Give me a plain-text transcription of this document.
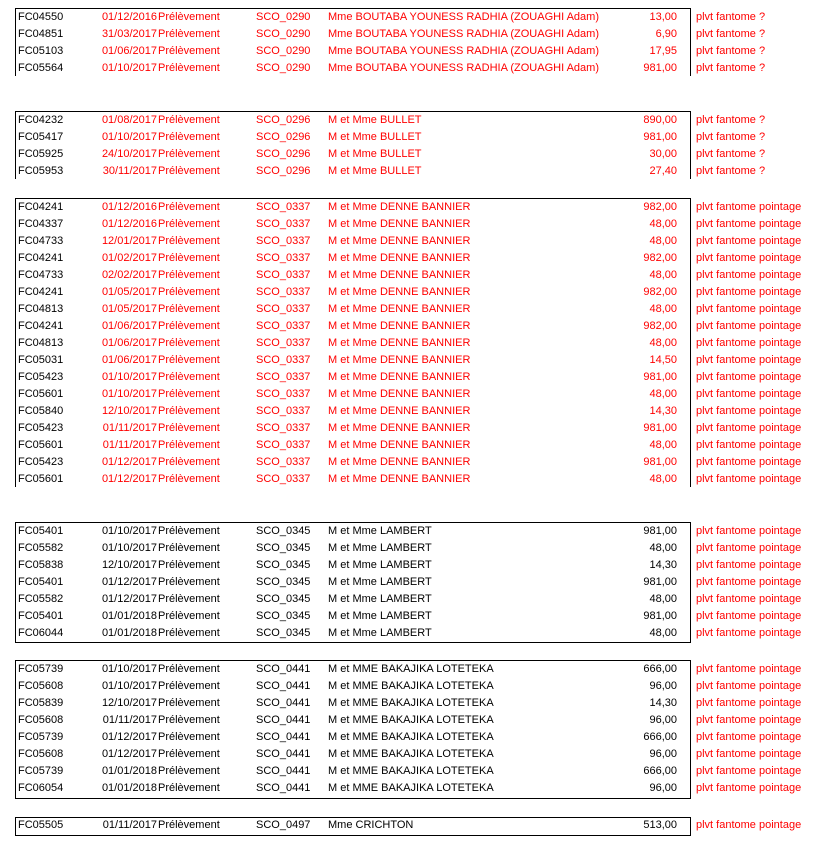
FC04550	01/12/2016 Prélèvement	SCO_0290 Mme BOUTABA YOUNESS RADHIA (ZOUAGHI Adam)	13,00 plvt fantome ?
FC04851	31/03/2017 Prélèvement	SCO_0290 Mme BOUTABA YOUNESS RADHIA (ZOUAGHI Adam)	6,90 plvt fantome ?
FC05103	01/06/2017 Prélèvement	SCO_0290 Mme BOUTABA YOUNESS RADHIA (ZOUAGHI Adam)	17,95 plvt fantome ?
FC05564	01/10/2017 Prélèvement	SCO_0290 Mme BOUTABA YOUNESS RADHIA (ZOUAGHI Adam)	981,00 plvt fantome ?
FC04232	01/08/2017 Prélèvement	SCO_0296 M et Mme BULLET	890,00 plvt fantome ?
FC05417	01/10/2017 Prélèvement	SCO_0296 M et Mme BULLET	981,00 plvt fantome ?
FC05925	24/10/2017 Prélèvement	SCO_0296 M et Mme BULLET	30,00 plvt fantome ?
FC05953	30/11/2017 Prélèvement	SCO_0296 M et Mme BULLET	27,40 plvt fantome ?
FC04241	01/12/2016 Prélèvement	SCO_0337 M et Mme DENNE BANNIER	982,00 plvt fantome pointage
FC04337	01/12/2016 Prélèvement	SCO_0337 M et Mme DENNE BANNIER	48,00 plvt fantome pointage
FC04733	12/01/2017 Prélèvement	SCO_0337 M et Mme DENNE BANNIER	48,00 plvt fantome pointage
FC04241	01/02/2017 Prélèvement	SCO_0337 M et Mme DENNE BANNIER	982,00 plvt fantome pointage
FC04733	02/02/2017 Prélèvement	SCO_0337 M et Mme DENNE BANNIER	48,00 plvt fantome pointage
FC04241	01/05/2017 Prélèvement	SCO_0337 M et Mme DENNE BANNIER	982,00 plvt fantome pointage
FC04813	01/05/2017 Prélèvement	SCO_0337 M et Mme DENNE BANNIER	48,00 plvt fantome pointage
FC04241	01/06/2017 Prélèvement	SCO_0337 M et Mme DENNE BANNIER	982,00 plvt fantome pointage
FC04813	01/06/2017 Prélèvement	SCO_0337 M et Mme DENNE BANNIER	48,00 plvt fantome pointage
FC05031	01/06/2017 Prélèvement	SCO_0337 M et Mme DENNE BANNIER	14,50 plvt fantome pointage
FC05423	01/10/2017 Prélèvement	SCO_0337 M et Mme DENNE BANNIER	981,00 plvt fantome pointage
FC05601	01/10/2017 Prélèvement	SCO_0337 M et Mme DENNE BANNIER	48,00 plvt fantome pointage
FC05840	12/10/2017 Prélèvement	SCO_0337 M et Mme DENNE BANNIER	14,30 plvt fantome pointage
FC05423	01/11/2017 Prélèvement	SCO_0337 M et Mme DENNE BANNIER	981,00 plvt fantome pointage
FC05601	01/11/2017 Prélèvement	SCO_0337 M et Mme DENNE BANNIER	48,00 plvt fantome pointage
FC05423	01/12/2017 Prélèvement	SCO_0337 M et Mme DENNE BANNIER	981,00 plvt fantome pointage
FC05601	01/12/2017 Prélèvement	SCO_0337 M et Mme DENNE BANNIER	48,00 plvt fantome pointage
FC05401	01/10/2017 Prélèvement	SCO_0345 M et Mme LAMBERT	981,00 plvt fantome pointage
FC05582	01/10/2017 Prélèvement	SCO_0345 M et Mme LAMBERT	48,00 plvt fantome pointage
FC05838	12/10/2017 Prélèvement	SCO_0345 M et Mme LAMBERT	14,30 plvt fantome pointage
FC05401	01/12/2017 Prélèvement	SCO_0345 M et Mme LAMBERT	981,00 plvt fantome pointage
FC05582	01/12/2017 Prélèvement	SCO_0345 M et Mme LAMBERT	48,00 plvt fantome pointage
FC05401	01/01/2018 Prélèvement	SCO_0345 M et Mme LAMBERT	981,00 plvt fantome pointage
FC06044	01/01/2018 Prélèvement	SCO_0345 M et Mme LAMBERT	48,00 plvt fantome pointage
FC05739	01/10/2017 Prélèvement	SCO_0441 M et MME BAKAJIKA LOTETEKA	666,00 plvt fantome pointage
FC05608	01/10/2017 Prélèvement	SCO_0441 M et MME BAKAJIKA LOTETEKA	96,00 plvt fantome pointage
FC05839	12/10/2017 Prélèvement	SCO_0441 M et MME BAKAJIKA LOTETEKA	14,30 plvt fantome pointage
FC05608	01/11/2017 Prélèvement	SCO_0441 M et MME BAKAJIKA LOTETEKA	96,00 plvt fantome pointage
FC05739	01/12/2017 Prélèvement	SCO_0441 M et MME BAKAJIKA LOTETEKA	666,00 plvt fantome pointage
FC05608	01/12/2017 Prélèvement	SCO_0441 M et MME BAKAJIKA LOTETEKA	96,00 plvt fantome pointage
FC05739	01/01/2018 Prélèvement	SCO_0441 M et MME BAKAJIKA LOTETEKA	666,00 plvt fantome pointage
FC06054	01/01/2018 Prélèvement	SCO_0441 M et MME BAKAJIKA LOTETEKA	96,00 plvt fantome pointage
FC05505	01/11/2017 Prélèvement	SCO_0497 Mme CRICHTON	513,00 plvt fantome pointage
